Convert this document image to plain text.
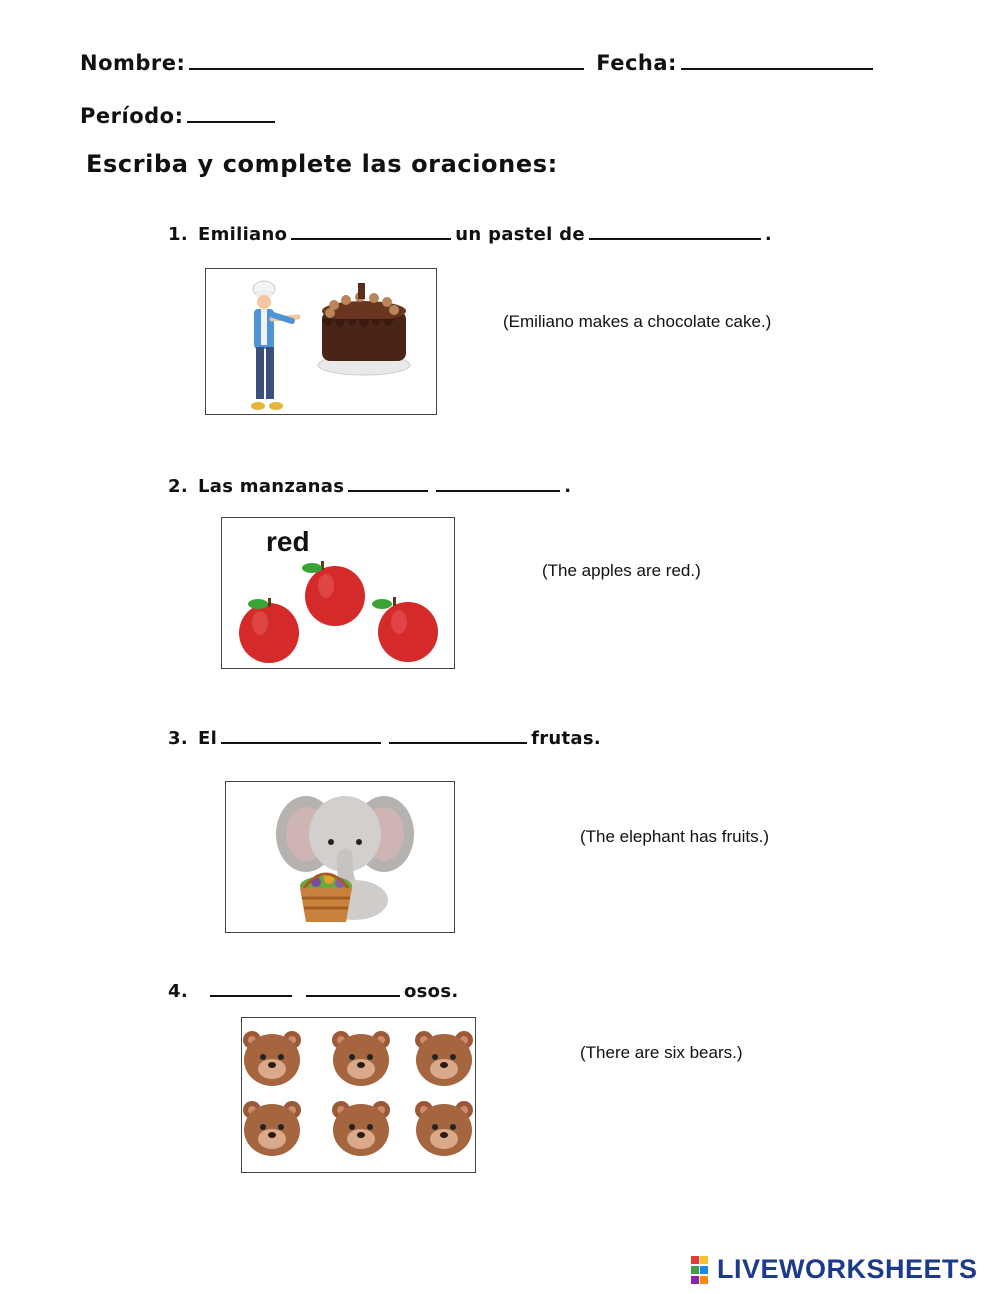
Nombre:	Fecha:
Período:
Escriba y complete las oraciones:
1. Emiliano	un pastel de	.
(Emiliano makes a chocolate cake.)
2. Las manzanas	.
red
(The apples are red.)
3. El	frutas.
(The elephant has fruits.)
4.	osos.
(There are six bears.)
LIVEWORKSHEETS
